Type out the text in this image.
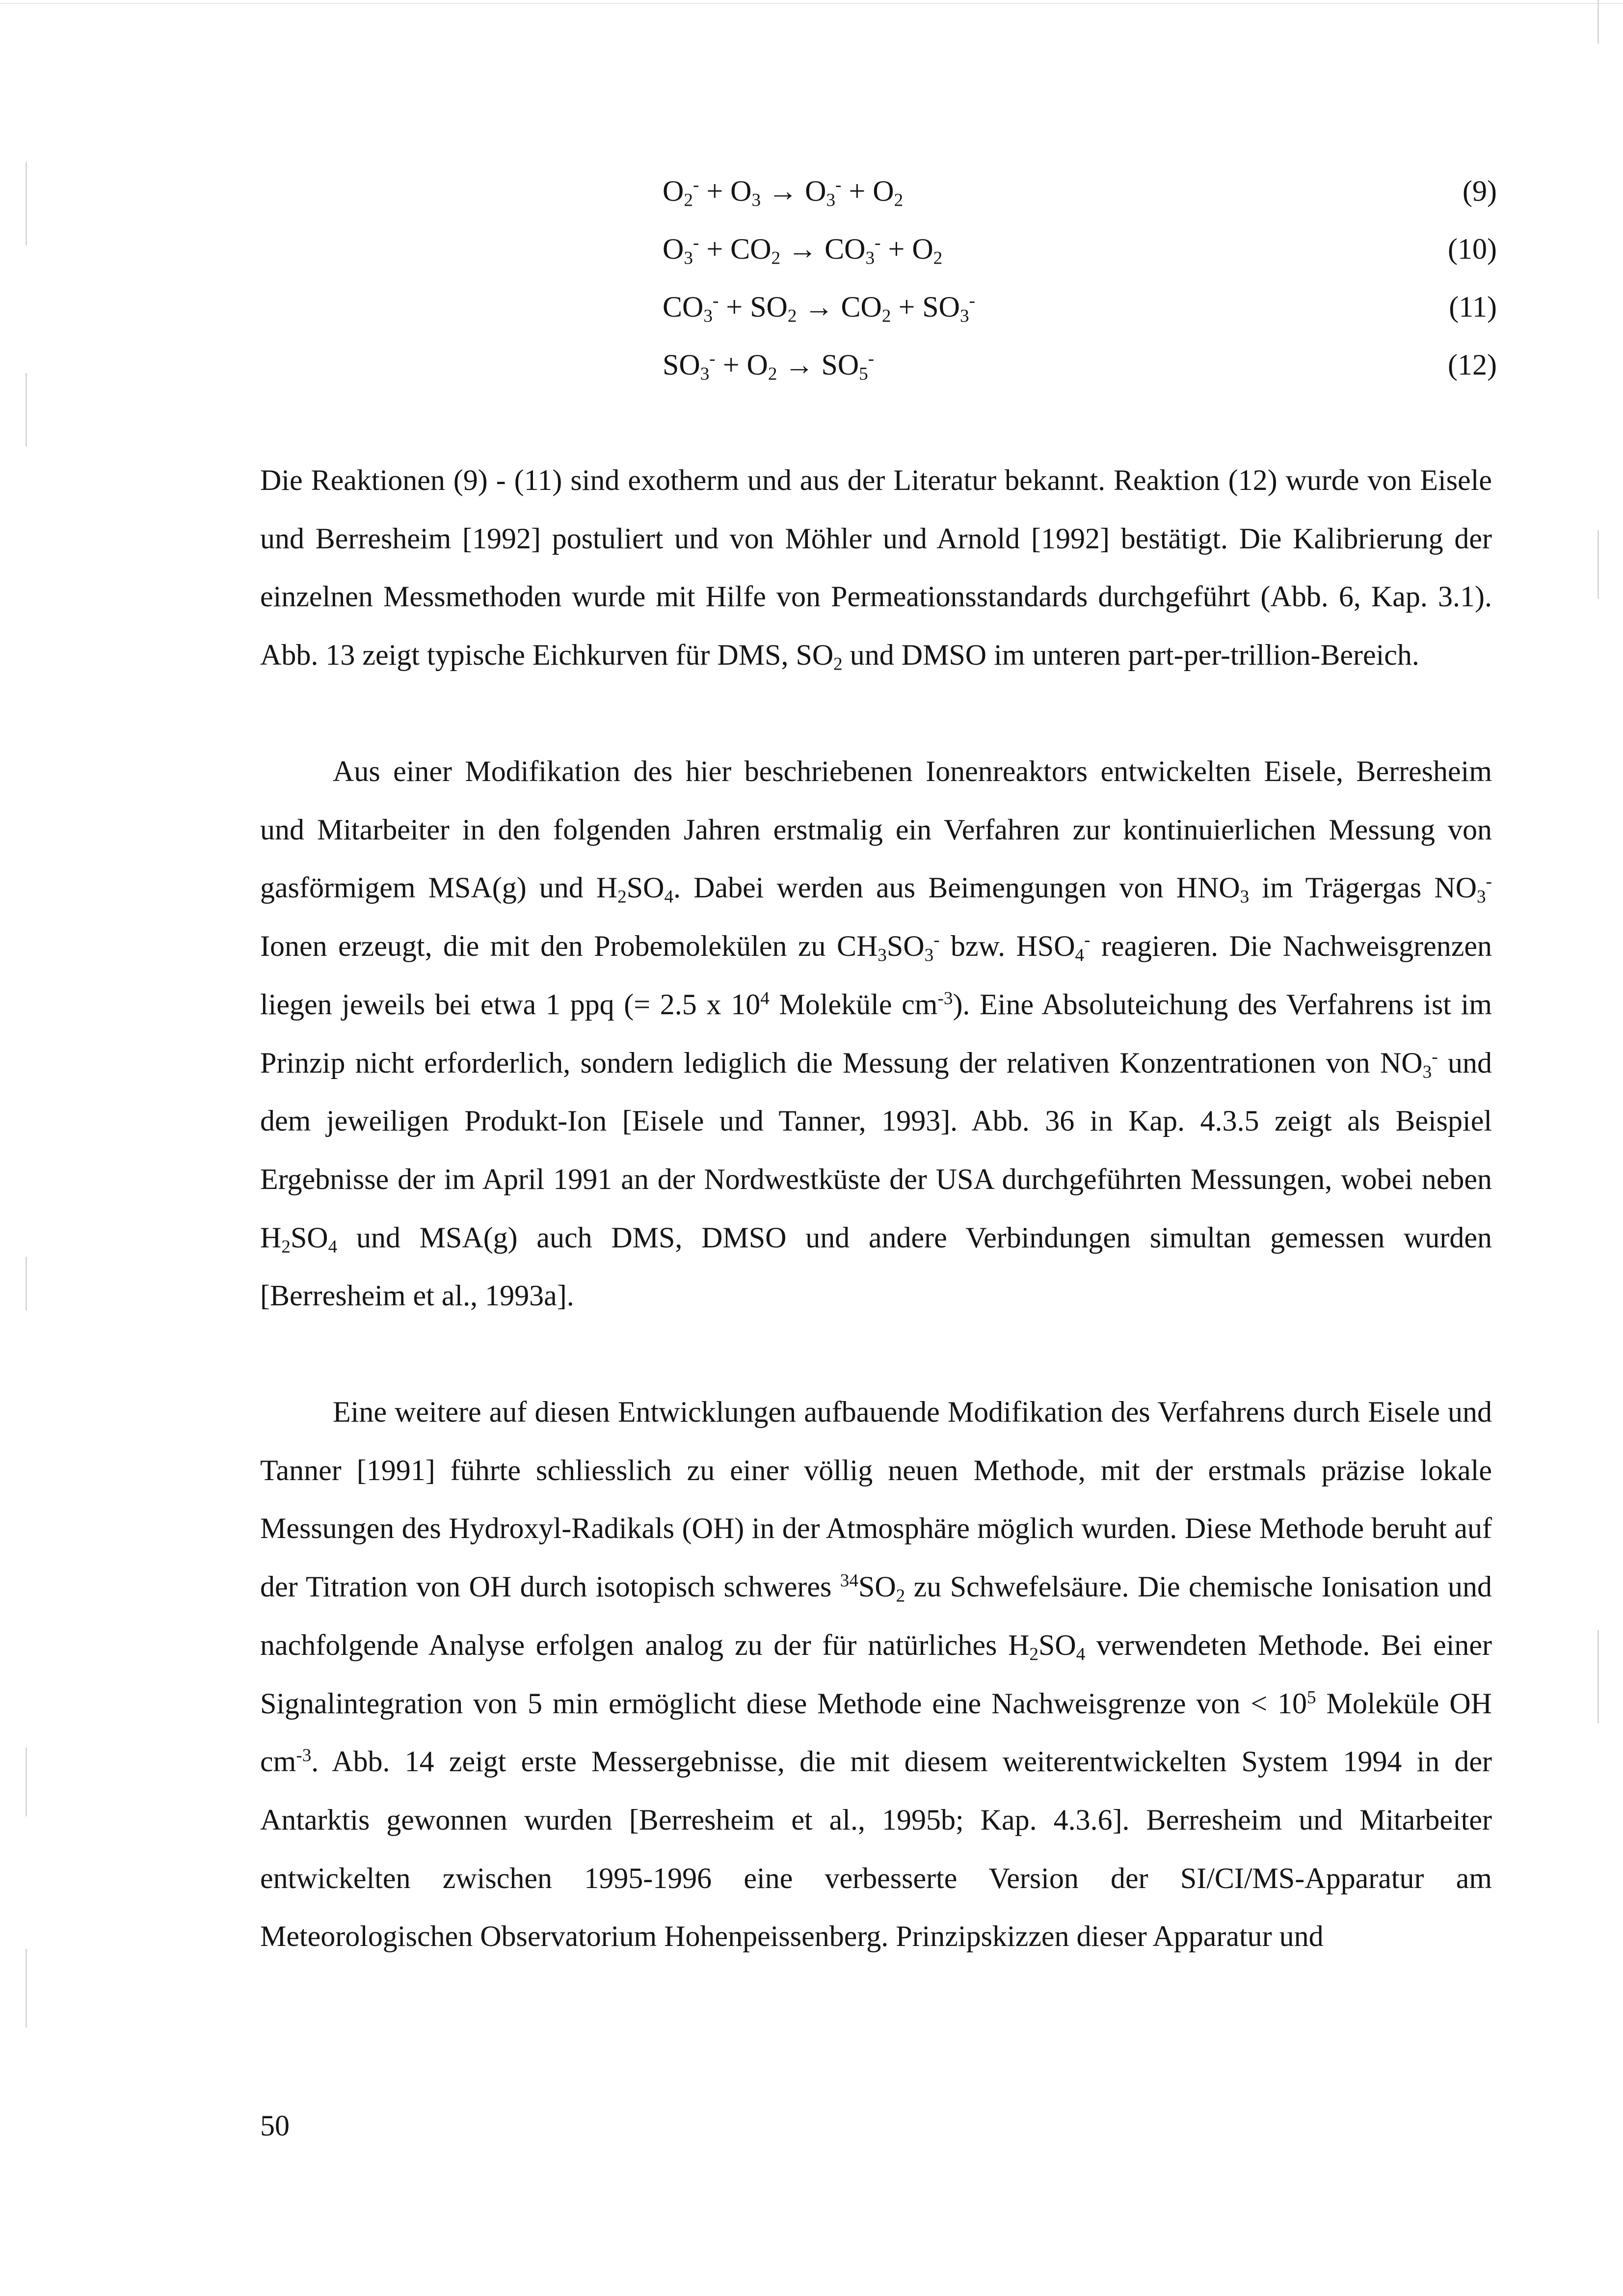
$O_2^- + O_3 \to O_3^- + O_2$	(9)
$O_3^- + CO_2 \to CO_3^- + O_2$	(10)
$CO_3^- + SO_2 \to CO_2 + SO_3^-$	(11)
$SO_3^- + O_2 \to SO_5^-$	(12)

Die Reaktionen (9) - (11) sind exotherm und aus der Literatur bekannt. Reaktion (12) wurde von Eisele und Berresheim [1992] postuliert und von Möhler und Arnold [1992] bestätigt. Die Kalibrierung der einzelnen Messmethoden wurde mit Hilfe von Permeationsstandards durchgeführt (Abb. 6, Kap. 3.1). Abb. 13 zeigt typische Eichkurven für DMS, $SO_2$ und DMSO im unteren part-per-trillion-Bereich.

Aus einer Modifikation des hier beschriebenen Ionenreaktors entwickelten Eisele, Berresheim und Mitarbeiter in den folgenden Jahren erstmalig ein Verfahren zur kontinuierlichen Messung von gasförmigem MSA(g) und $H_2SO_4$. Dabei werden aus Beimengungen von $HNO_3$ im Trägergas $NO_3^-$ Ionen erzeugt, die mit den Probemolekülen zu $CH_3SO_3^-$ bzw. $HSO_4^-$ reagieren. Die Nachweisgrenzen liegen jeweils bei etwa 1 ppq (= 2.5 x $10^4$ Moleküle $cm^{-3}$). Eine Absoluteichung des Verfahrens ist im Prinzip nicht erforderlich, sondern lediglich die Messung der relativen Konzentrationen von $NO_3^-$ und dem jeweiligen Produkt-Ion [Eisele und Tanner, 1993]. Abb. 36 in Kap. 4.3.5 zeigt als Beispiel Ergebnisse der im April 1991 an der Nordwestküste der USA durchgeführten Messungen, wobei neben $H_2SO_4$ und MSA(g) auch DMS, DMSO und andere Verbindungen simultan gemessen wurden [Berresheim et al., 1993a].

Eine weitere auf diesen Entwicklungen aufbauende Modifikation des Verfahrens durch Eisele und Tanner [1991] führte schliesslich zu einer völlig neuen Methode, mit der erstmals präzise lokale Messungen des Hydroxyl-Radikals (OH) in der Atmosphäre möglich wurden. Diese Methode beruht auf der Titration von OH durch isotopisch schweres $^{34}SO_2$ zu Schwefelsäure. Die chemische Ionisation und nachfolgende Analyse erfolgen analog zu der für natürliches $H_2SO_4$ verwendeten Methode. Bei einer Signalintegration von 5 min ermöglicht diese Methode eine Nachweisgrenze von < $10^5$ Moleküle OH $cm^{-3}$. Abb. 14 zeigt erste Messergebnisse, die mit diesem weiterentwickelten System 1994 in der Antarktis gewonnen wurden [Berresheim et al., 1995b; Kap. 4.3.6]. Berresheim und Mitarbeiter entwickelten zwischen 1995-1996 eine verbesserte Version der SI/CI/MS-Apparatur am Meteorologischen Observatorium Hohenpeissenberg. Prinzipskizzen dieser Apparatur und

50
